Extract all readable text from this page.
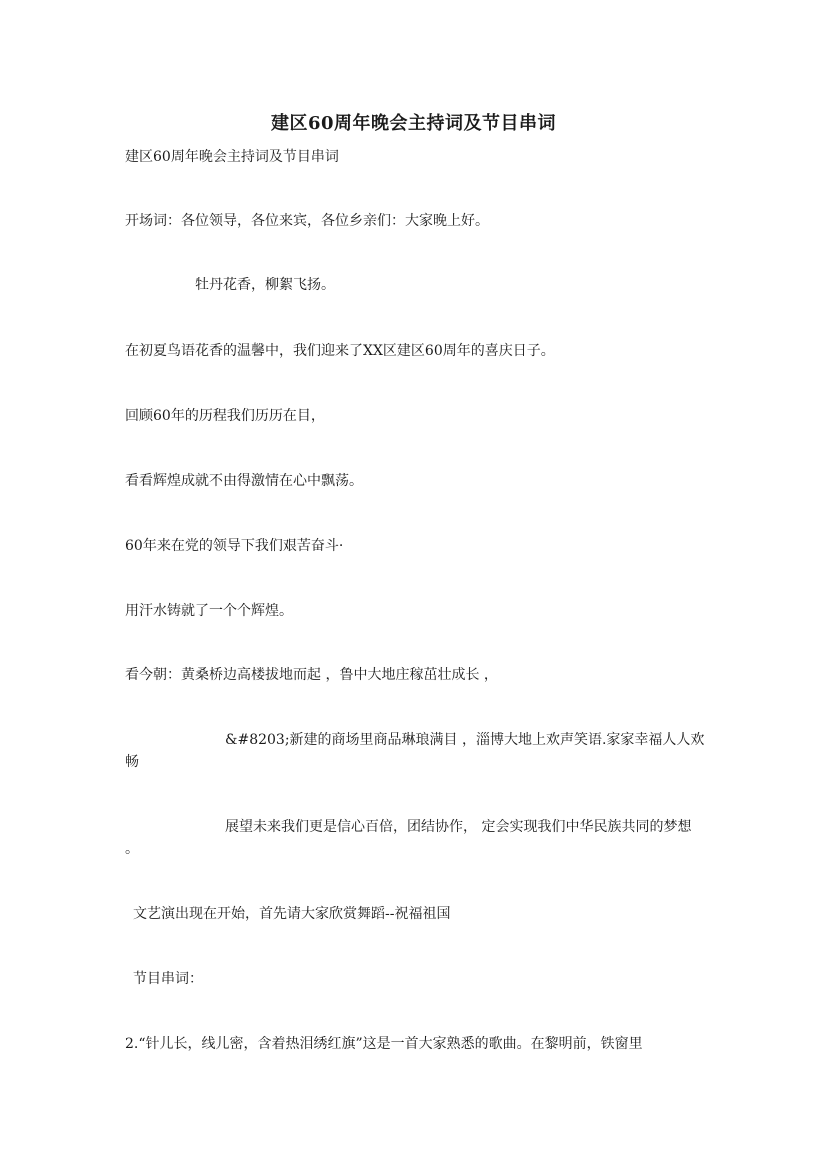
建区60周年晚会主持词及节目串词
建区60周年晚会主持词及节目串词
开场词：各位领导，各位来宾，各位乡亲们：大家晚上好。
牡丹花香，柳絮飞扬。
在初夏鸟语花香的温馨中，我们迎来了XX区建区60周年的喜庆日子。
回顾60年的历程我们历历在目，
看看辉煌成就不由得激情在心中飘荡。
60年来在党的领导下我们艰苦奋斗·
用汗水铸就了一个个辉煌。
看今朝：黄桑桥边高楼拔地而起 ，鲁中大地庄稼茁壮成长 ，
&#8203;新建的商场里商品琳琅满目 ，淄博大地上欢声笑语.家家幸福人人欢畅
展望未来我们更是信心百倍，团结协作， 定会实现我们中华民族共同的梦想 。
文艺演出现在开始，首先请大家欣赏舞蹈--祝福祖国
节目串词：
2.“针儿长，线儿密，含着热泪绣红旗”这是一首大家熟悉的歌曲。在黎明前，铁窗里
